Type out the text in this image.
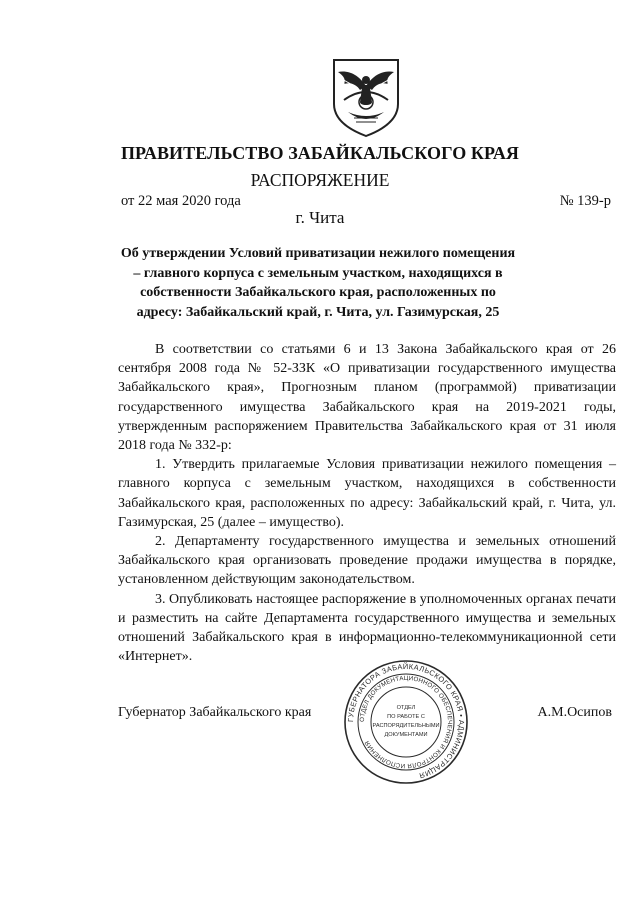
ПРАВИТЕЛЬСТВО ЗАБАЙКАЛЬСКОГО КРАЯ
РАСПОРЯЖЕНИЕ
от 22 мая 2020 года	№ 139-р
г. Чита
Об утверждении Условий приватизации нежилого помещения – главного корпуса с земельным участком, находящихся в собственности Забайкальского края, расположенных по адресу: Забайкальский край, г. Чита, ул. Газимурская, 25

В соответствии со статьями 6 и 13 Закона Забайкальского края от 26 сентября 2008 года № 52-ЗЗК «О приватизации государственного имущества Забайкальского края», Прогнозным планом (программой) приватизации государственного имущества Забайкальского края на 2019-2021 годы, утвержденным распоряжением Правительства Забайкальского края от 31 июля 2018 года № 332-р:

1. Утвердить прилагаемые Условия приватизации нежилого помещения – главного корпуса с земельным участком, находящихся в собственности Забайкальского края, расположенных по адресу: Забайкальский край, г. Чита, ул. Газимурская, 25 (далее – имущество).

2. Департаменту государственного имущества и земельных отношений Забайкальского края организовать проведение продажи имущества в порядке, установленном действующим законодательством.

3. Опубликовать настоящее распоряжение в уполномоченных органах печати и разместить на сайте Департамента государственного имущества и земельных отношений Забайкальского края в информационно-телекоммуникационной сети «Интернет».

Губернатор Забайкальского края	ГУБЕРНАТОРА ЗАБАЙКАЛЬСКОГО КРАЯ • АДМИНИСТРАЦИЯ
ОТДЕЛ ДОКУМЕНТАЦИОННОГО ОБЕСПЕЧЕНИЯ И КОНТРОЛЯ ИСПОЛНЕНИЯ
ОТДЕЛ
ПО РАБОТЕ С
РАСПОРЯДИТЕЛЬНЫМИ
ДОКУМЕНТАМИ
А.М.Осипов
